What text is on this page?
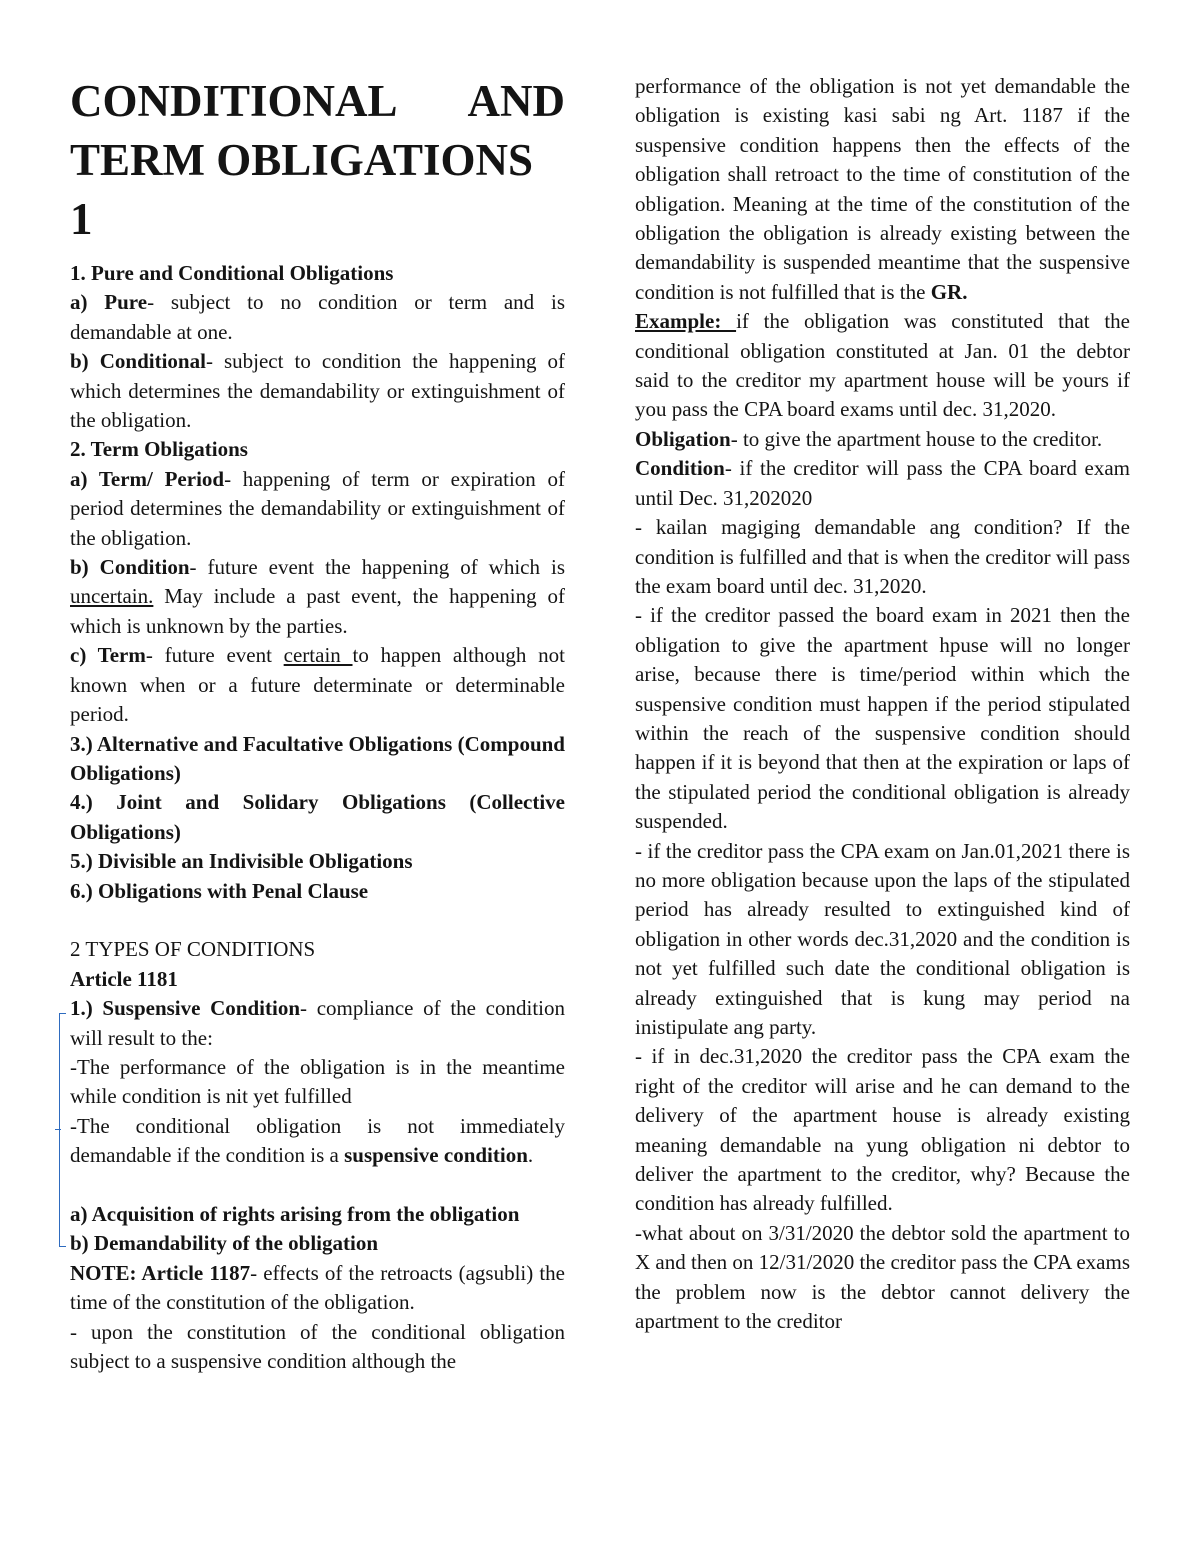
CONDITIONAL AND
TERM OBLIGATIONS
1

1. Pure and Conditional Obligations

a) Pure- subject to no condition or term and is demandable at one.

b) Conditional- subject to condition the happening of which determines the demandability or extinguishment of the obligation.

2. Term Obligations

a) Term/ Period- happening of term or expiration of period determines the demandability or extinguishment of the obligation.

b) Condition- future event the happening of which is uncertain. May include a past event, the happening of which is unknown by the parties.

c) Term- future event certain to happen although not known when or a future determinate or determinable period.

3.) Alternative and Facultative Obligations (Compound Obligations)

4.) Joint and Solidary Obligations (Collective Obligations)

5.) Divisible an Indivisible Obligations

6.) Obligations with Penal Clause

2 TYPES OF CONDITIONS

Article 1181

1.) Suspensive Condition- compliance of the condition will result to the:

-The performance of the obligation is in the meantime while condition is nit yet fulfilled

-The conditional obligation is not immediately demandable if the condition is a suspensive condition.

a) Acquisition of rights arising from the obligation

b) Demandability of the obligation

NOTE: Article 1187- effects of the retroacts (agsubli) the time of the constitution of the obligation.

- upon the constitution of the conditional obligation subject to a suspensive condition although the

performance of the obligation is not yet demandable the obligation is existing kasi sabi ng Art. 1187 if the suspensive condition happens then the effects of the obligation shall retroact to the time of constitution of the obligation. Meaning at the time of the constitution of the obligation the obligation is already existing between the demandability is suspended meantime that the suspensive condition is not fulfilled that is the GR.

Example: if the obligation was constituted that the conditional obligation constituted at Jan. 01 the debtor said to the creditor my apartment house will be yours if you pass the CPA board exams until dec. 31,2020.

Obligation- to give the apartment house to the creditor.

Condition- if the creditor will pass the CPA board exam until Dec. 31,202020

- kailan magiging demandable ang condition? If the condition is fulfilled and that is when the creditor will pass the exam board until dec. 31,2020.

- if the creditor passed the board exam in 2021 then the obligation to give the apartment hpuse will no longer arise, because there is time/period within which the suspensive condition must happen if the period stipulated within the reach of the suspensive condition should happen if it is beyond that then at the expiration or laps of the stipulated period the conditional obligation is already suspended.

- if the creditor pass the CPA exam on Jan.01,2021 there is no more obligation because upon the laps of the stipulated period has already resulted to extinguished kind of obligation in other words dec.31,2020 and the condition is not yet fulfilled such date the conditional obligation is already extinguished that is kung may period na inistipulate ang party.

- if in dec.31,2020 the creditor pass the CPA exam the right of the creditor will arise and he can demand to the delivery of the apartment house is already existing meaning demandable na yung obligation ni debtor to deliver the apartment to the creditor, why? Because the condition has already fulfilled.

-what about on 3/31/2020 the debtor sold the apartment to X and then on 12/31/2020 the creditor pass the CPA exams the problem now is the debtor cannot delivery the apartment to the creditor
